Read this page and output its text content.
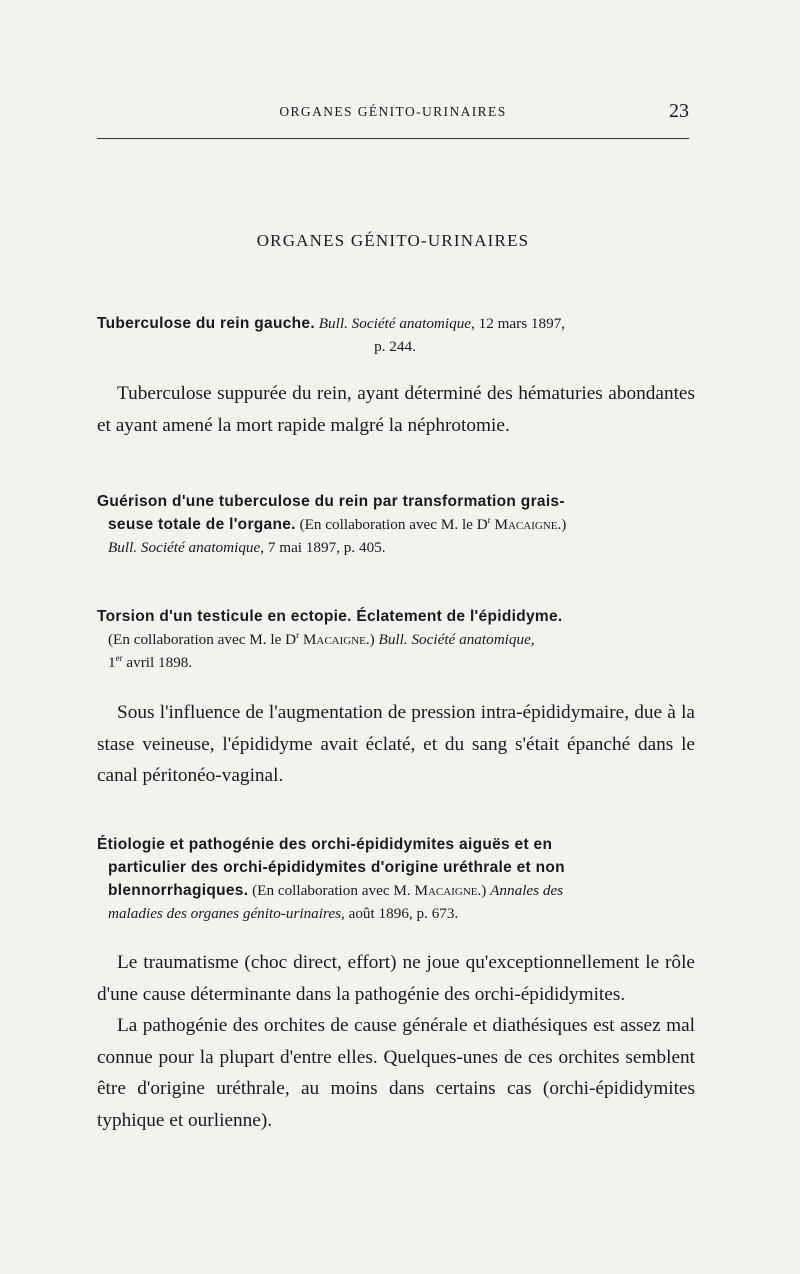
ORGANES GÉNITO-URINAIRES	23
ORGANES GÉNITO-URINAIRES
Tuberculose du rein gauche. Bull. Société anatomique, 12 mars 1897,
p. 244.

Tuberculose suppurée du rein, ayant déterminé des hématuries abondantes et ayant amené la mort rapide malgré la néphrotomie.

Guérison d'une tuberculose du rein par transformation grais-
seuse totale de l'organe. (En collaboration avec M. le $D^r$ Macaigne.)
Bull. Société anatomique, 7 mai 1897, p. 405.
Torsion d'un testicule en ectopie. Éclatement de l'épididyme.
(En collaboration avec M. le $D^r$ Macaigne.) Bull. Société anatomique,
1er avril 1898.

Sous l'influence de l'augmentation de pression intra-épididymaire, due à la stase veineuse, l'épididyme avait éclaté, et du sang s'était épanché dans le canal péritonéo-vaginal.

Étiologie et pathogénie des orchi-épididymites aiguës et en
particulier des orchi-épididymites d'origine uréthrale et non
blennorrhagiques. (En collaboration avec M. Macaigne.) Annales des
maladies des organes génito-urinaires, août 1896, p. 673.

Le traumatisme (choc direct, effort) ne joue qu'exceptionnellement le rôle d'une cause déterminante dans la pathogénie des orchi-épididymites.

La pathogénie des orchites de cause générale et diathésiques est assez mal connue pour la plupart d'entre elles. Quelques-unes de ces orchites semblent être d'origine uréthrale, au moins dans certains cas (orchi-épididymites typhique et ourlienne).
